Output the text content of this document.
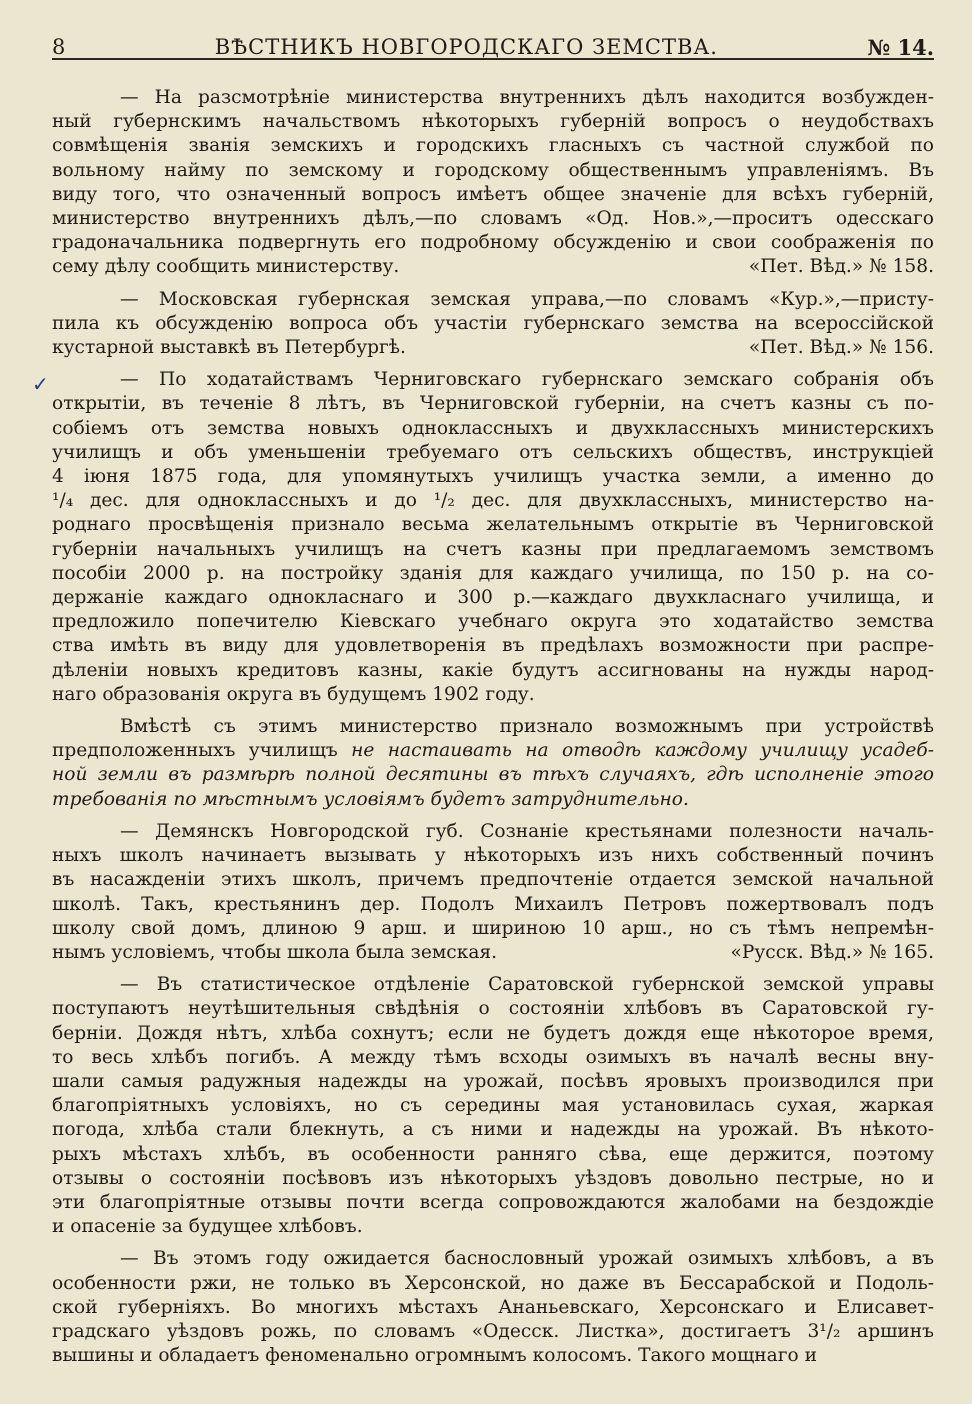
8	ВѢСТНИКЪ НОВГОРОДСКАГО ЗЕМСТВА.	№ 14.
✓
— На разсмотрѣніе министерства внутреннихъ дѣлъ находится возбужден-
ный губернскимъ начальствомъ нѣкоторыхъ губерній вопросъ о неудобствахъ
совмѣщенія званія земскихъ и городскихъ гласныхъ съ частной службой по
вольному найму по земскому и городскому общественнымъ управленіямъ. Въ
виду того, что означенный вопросъ имѣетъ общее значеніе для всѣхъ губерній,
министерство внутреннихъ дѣлъ,—по словамъ «Од. Нов.»,—проситъ одесскаго
градоначальника подвергнуть его подробному обсужденію и свои соображенія по
сему дѣлу сообщить министерству.	«Пет. Вѣд.» № 158.
— Московская губернская земская управа,—по словамъ «Кур.»,—присту-
пила къ обсужденію вопроса объ участіи губернскаго земства на всероссійской
кустарной выставкѣ въ Петербургѣ.	«Пет. Вѣд.» № 156.
— По ходатайствамъ Черниговскаго губернскаго земскаго собранія объ
открытіи, въ теченіе 8 лѣтъ, въ Черниговской губерніи, на счетъ казны съ по-
собіемъ отъ земства новыхъ одноклассныхъ и двухклассныхъ министерскихъ
училищъ и объ уменьшеніи требуемаго отъ сельскихъ обществъ, инструкціей
4 іюня 1875 года, для упомянутыхъ училищъ участка земли, а именно до
¹/₄ дес. для одноклассныхъ и до ¹/₂ дес. для двухклассныхъ, министерство на-
роднаго просвѣщенія признало весьма желательнымъ открытіе въ Черниговской
губерніи начальныхъ училищъ на счетъ казны при предлагаемомъ земствомъ
пособіи 2000 р. на постройку зданія для каждаго училища, по 150 р. на со-
держаніе каждаго одноклаcнаго и 300 р.—каждаго двухклаcнаго училища, и
предложило попечителю Кіевскаго учебнаго округа это ходатайство земства
ства имѣть въ виду для удовлетворенія въ предѣлахъ возможности при распре-
дѣленіи новыхъ кредитовъ казны, какіе будутъ ассигнованы на нужды народ-
наго образованія округа въ будущемъ 1902 году.
Вмѣстѣ съ этимъ министерство признало возможнымъ при устройствѣ
предположенныхъ училищъ не настаивать на отводѣ каждому училищу усадеб-
ной земли въ размѣрѣ полной десятины въ тѣхъ случаяхъ, гдѣ исполненіе этого
требованія по мѣстнымъ условіямъ будетъ затруднительно.
— Демянскъ Новгородской губ. Сознаніе крестьянами полезности началь-
ныхъ школъ начинаетъ вызывать у нѣкоторыхъ изъ нихъ собственный починъ
въ насажденіи этихъ школъ, причемъ предпочтеніе отдается земской начальной
школѣ. Такъ, крестьянинъ дер. Подолъ Михаилъ Петровъ пожертвовалъ подъ
школу свой домъ, длиною 9 арш. и шириною 10 арш., но съ тѣмъ непремѣн-
нымъ условіемъ, чтобы школа была земская.	«Русск. Вѣд.» № 165.
— Въ статистическое отдѣленіе Саратовской губернской земской управы
поступаютъ неутѣшительныя свѣдѣнія о состояніи хлѣбовъ въ Саратовской гу-
берніи. Дождя нѣтъ, хлѣба сохнутъ; если не будетъ дождя еще нѣкоторое время,
то весь хлѣбъ погибъ. А между тѣмъ всходы озимыхъ въ началѣ весны вну-
шали самыя радужныя надежды на урожай, посѣвъ яровыхъ производился при
благопріятныхъ условіяхъ, но съ середины мая установилась сухая, жаркая
погода, хлѣба стали блекнуть, а съ ними и надежды на урожай. Въ нѣкото-
рыхъ мѣстахъ хлѣбъ, въ особенности ранняго сѣва, еще держится, поэтому
отзывы о состояніи посѣвовъ изъ нѣкоторыхъ уѣздовъ довольно пестрые, но и
эти благопріятные отзывы почти всегда сопровождаются жалобами на бездождіе
и опасеніе за будущее хлѣбовъ.
— Въ этомъ году ожидается баснословный урожай озимыхъ хлѣбовъ, а въ
особенности ржи, не только въ Херсонской, но даже въ Бессарабской и Подоль-
ской губерніяхъ. Во многихъ мѣстахъ Ананьевскаго, Херсонскаго и Елисавет-
градскаго уѣздовъ рожь, по словамъ «Одесск. Листка», достигаетъ 3¹/₂ аршинъ
вышины и обладаетъ феноменально огромнымъ колосомъ. Такого мощнаго и
